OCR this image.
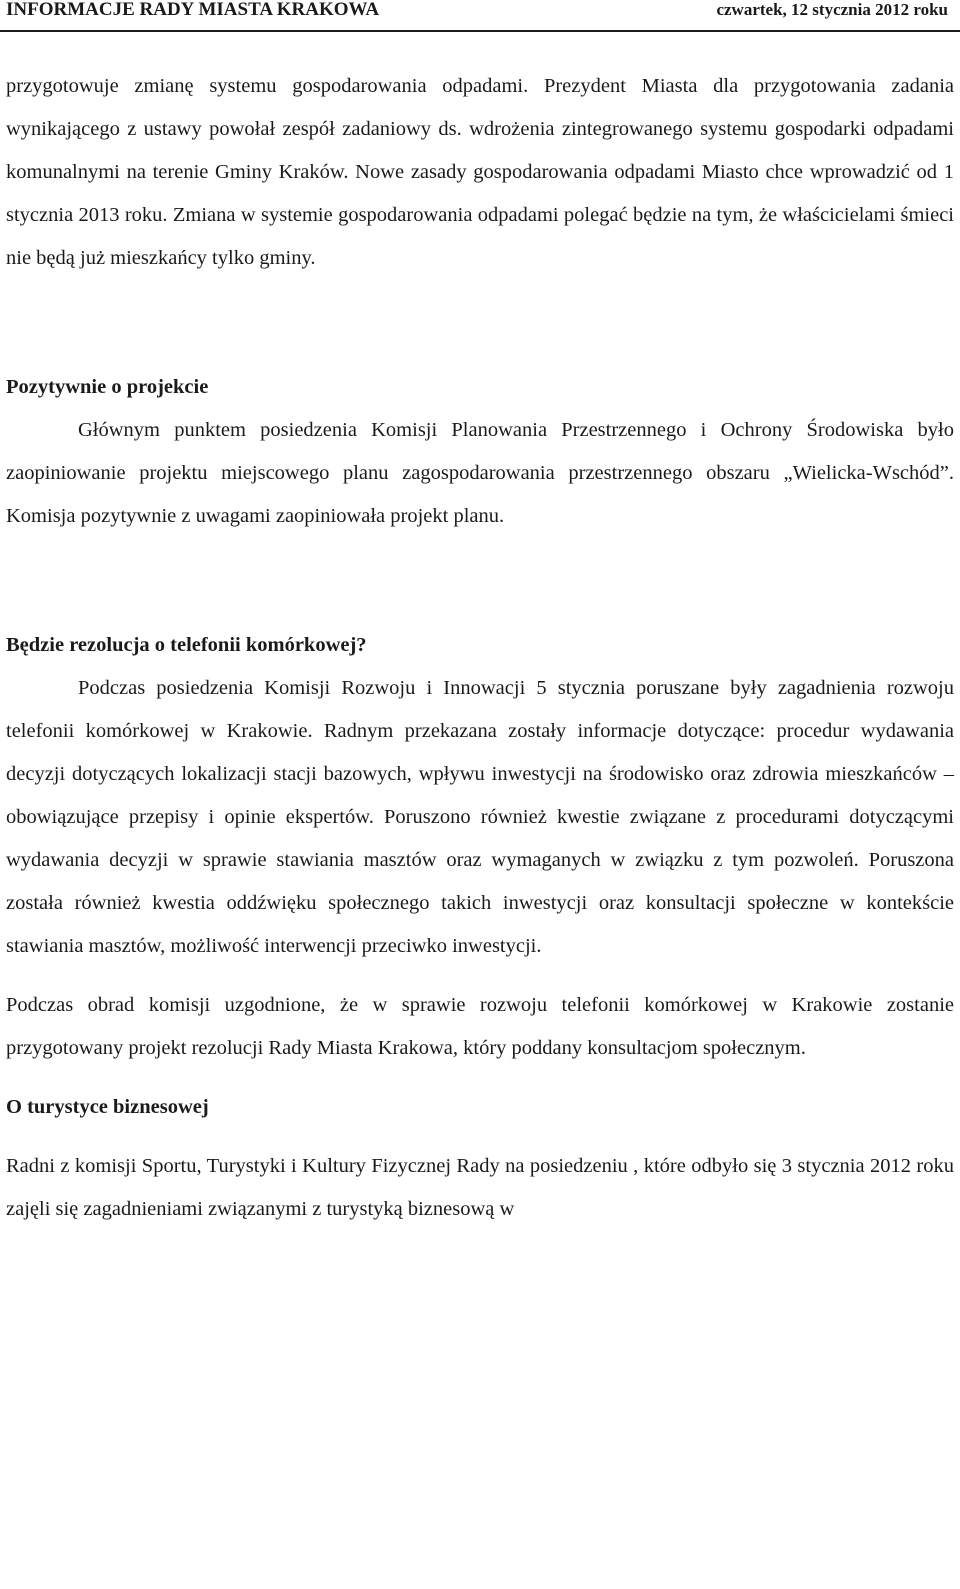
INFORMACJE RADY MIASTA KRAKOWA	czwartek, 12 stycznia 2012 roku

przygotowuje zmianę systemu gospodarowania odpadami. Prezydent Miasta dla przygotowania zadania wynikającego z ustawy powołał zespół zadaniowy ds. wdrożenia zintegrowanego systemu gospodarki odpadami komunalnymi na terenie Gminy Kraków. Nowe zasady gospodarowania odpadami Miasto chce wprowadzić od 1 stycznia 2013 roku. Zmiana w systemie gospodarowania odpadami polegać będzie na tym, że właścicielami śmieci nie będą już mieszkańcy tylko gminy.

Pozytywnie o projekcie

Głównym punktem posiedzenia Komisji Planowania Przestrzennego i Ochrony Środowiska było zaopiniowanie projektu miejscowego planu zagospodarowania przestrzennego obszaru „Wielicka-Wschód”. Komisja pozytywnie z uwagami zaopiniowała projekt planu.

Będzie rezolucja o telefonii komórkowej?

Podczas posiedzenia Komisji Rozwoju i Innowacji 5 stycznia poruszane były zagadnienia rozwoju telefonii komórkowej w Krakowie. Radnym przekazana zostały informacje dotyczące: procedur wydawania decyzji dotyczących lokalizacji stacji bazowych, wpływu inwestycji na środowisko oraz zdrowia mieszkańców – obowiązujące przepisy i opinie ekspertów. Poruszono również kwestie związane z procedurami dotyczącymi wydawania decyzji w sprawie stawiania masztów oraz wymaganych w związku z tym pozwoleń. Poruszona została również kwestia oddźwięku społecznego takich inwestycji oraz konsultacji społeczne w kontekście stawiania masztów, możliwość interwencji przeciwko inwestycji.

Podczas obrad komisji uzgodnione, że w sprawie rozwoju telefonii komórkowej w Krakowie zostanie przygotowany projekt rezolucji Rady Miasta Krakowa, który poddany konsultacjom społecznym.

O turystyce biznesowej

Radni z komisji Sportu, Turystyki i Kultury Fizycznej Rady na posiedzeniu , które odbyło się 3 stycznia 2012 roku zajęli się zagadnieniami związanymi z turystyką biznesową w
